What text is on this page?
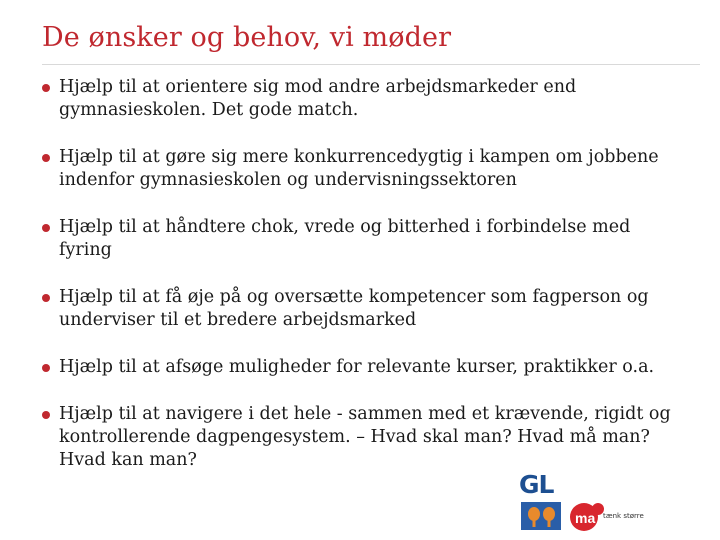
De ønsker og behov, vi møder
Hjælp til at orientere sig mod andre arbejdsmarkeder end gymnasieskolen. Det gode match.
Hjælp til at gøre sig mere konkurrencedygtig i kampen om jobbene indenfor gymnasieskolen og undervisningssektoren
Hjælp til at håndtere chok, vrede og bitterhed i forbindelse med fyring
Hjælp til at få øje på og oversætte kompetencer som fagperson og underviser til et bredere arbejdsmarked
Hjælp til at afsøge muligheder for relevante kurser, praktikker o.a.
Hjælp til at navigere i det hele - sammen med et krævende, rigidt og kontrollerende dagpengesystem. – Hvad skal man? Hvad må man? Hvad kan man?
GL
ma tænk større
